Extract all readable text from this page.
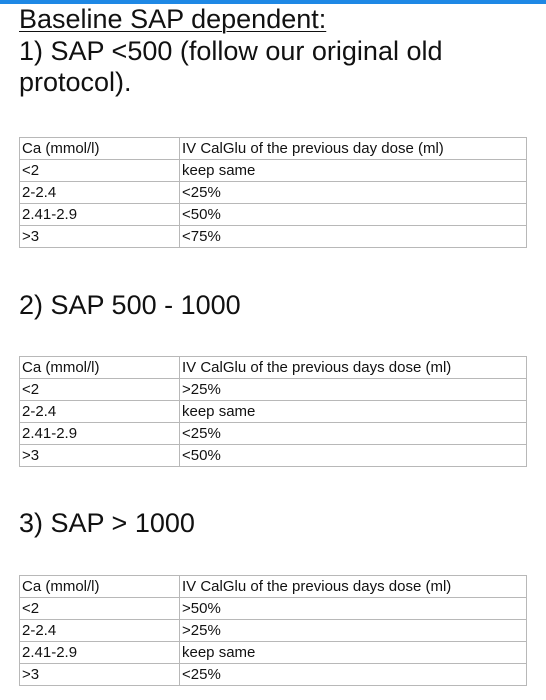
Baseline SAP dependent:

1) SAP <500 (follow our original old protocol).

Ca (mmol/l)	IV CalGlu of the previous day dose (ml)
<2	keep same
2-2.4	<25%
2.41-2.9	<50%
>3	<75%

2) SAP 500 - 1000

Ca (mmol/l)	IV CalGlu of the previous days dose (ml)
<2	>25%
2-2.4	keep same
2.41-2.9	<25%
>3	<50%

3) SAP > 1000

Ca (mmol/l)	IV CalGlu of the previous days dose (ml)
<2	>50%
2-2.4	>25%
2.41-2.9	keep same
>3	<25%
